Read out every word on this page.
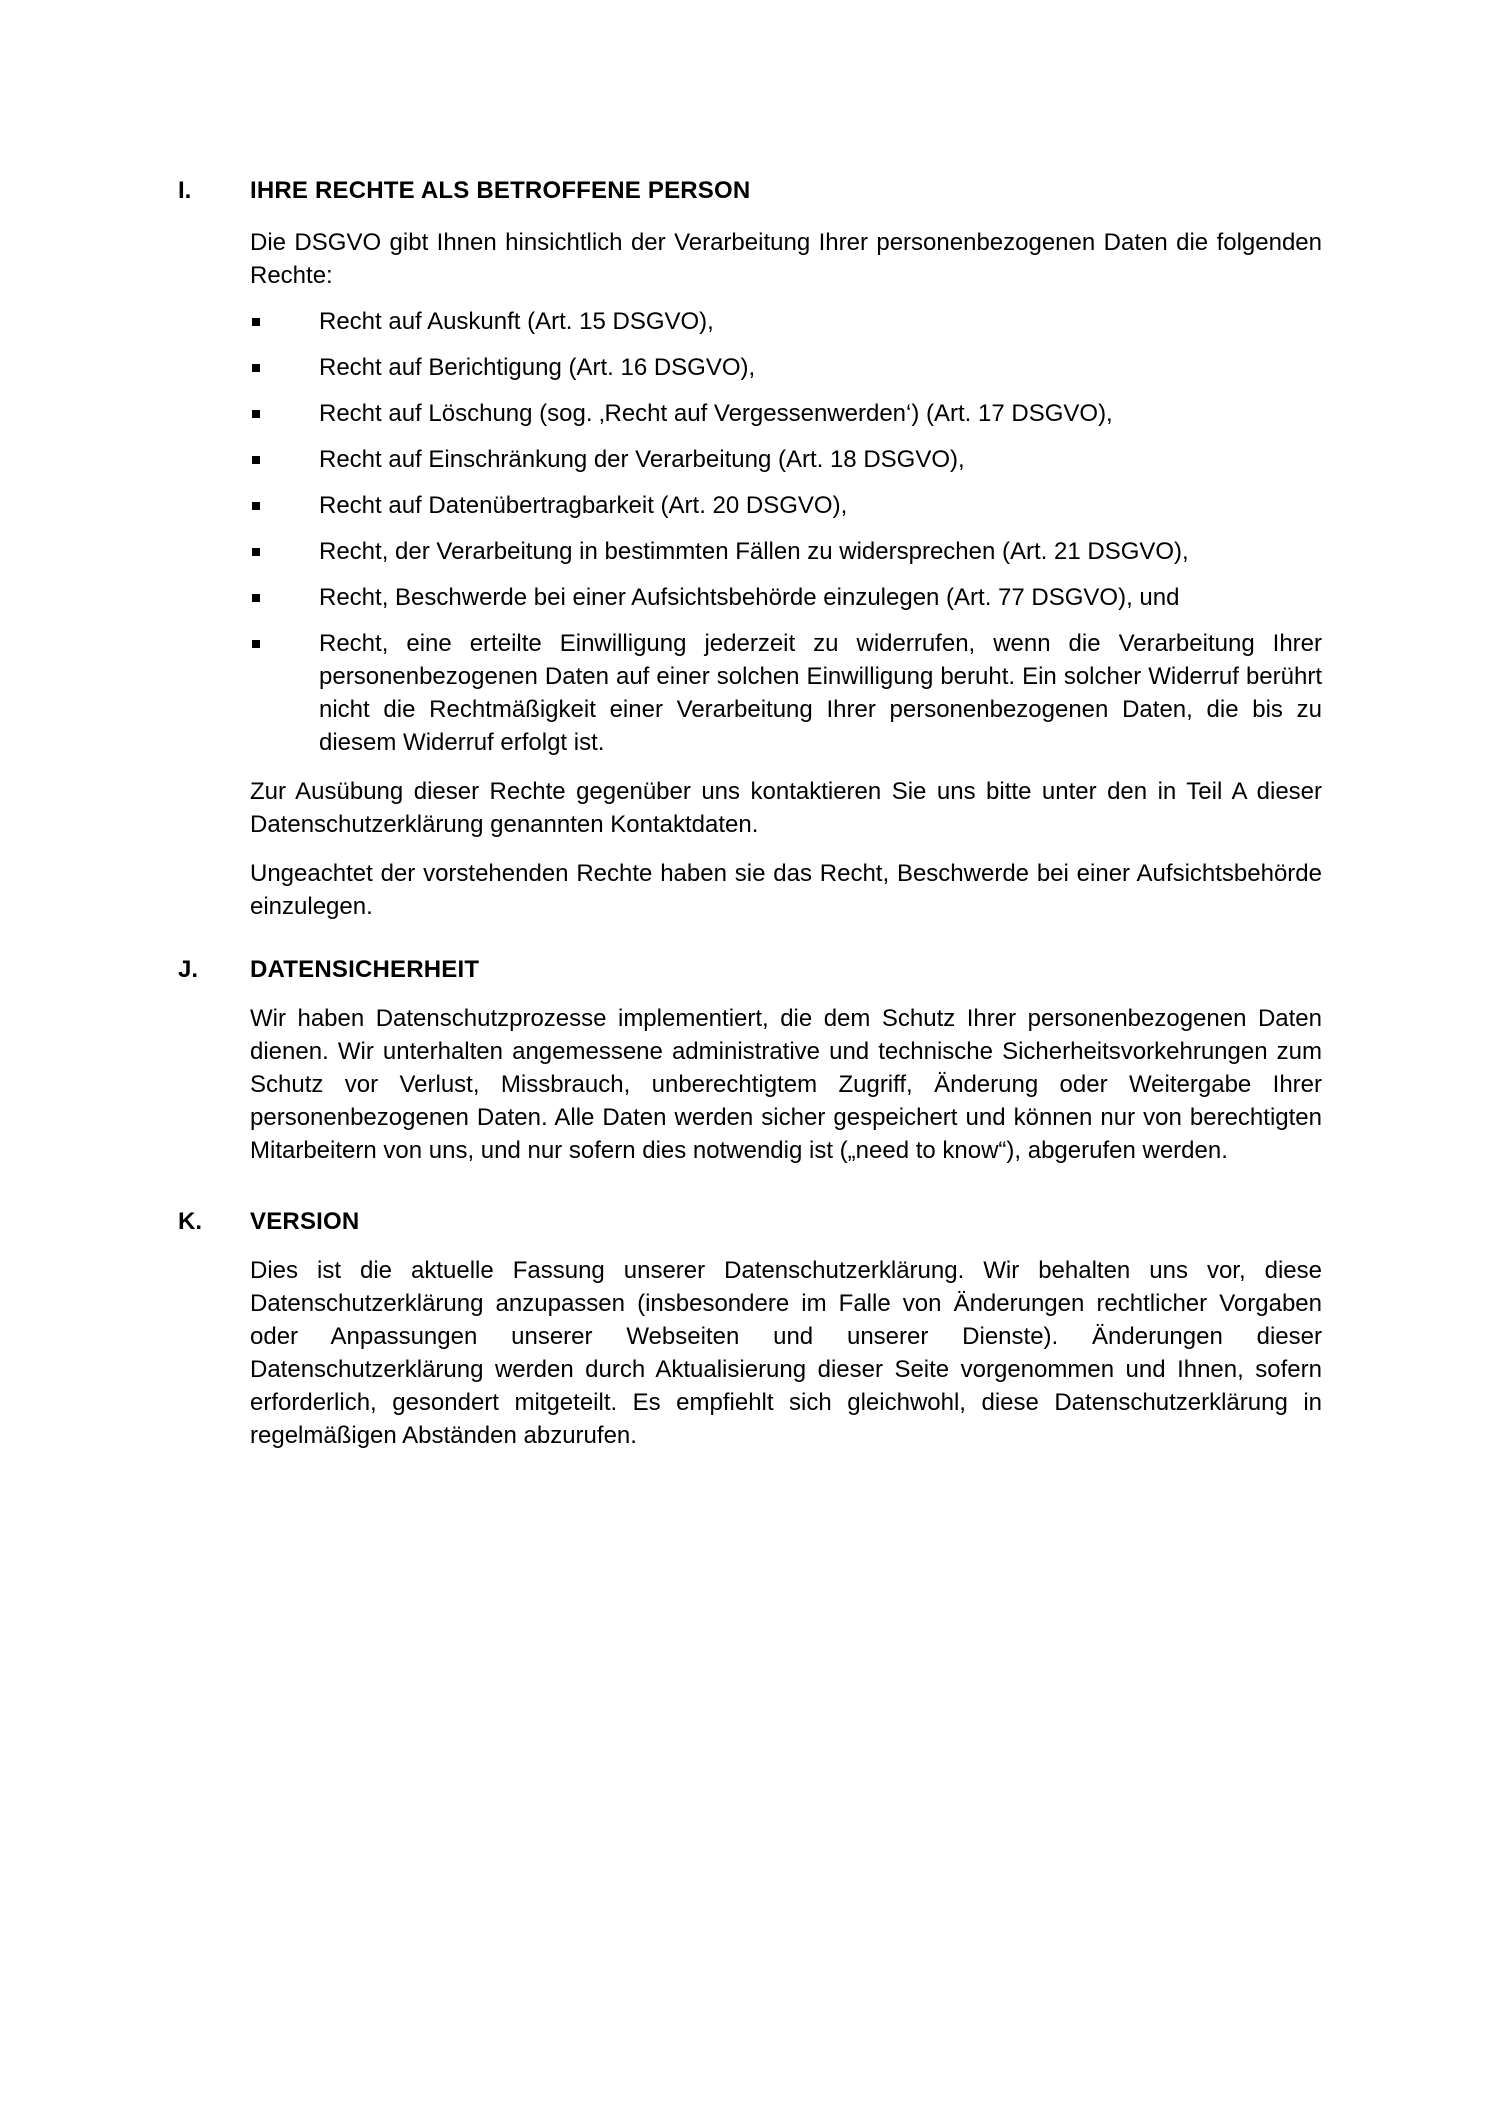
I. IHRE RECHTE ALS BETROFFENE PERSON

Die DSGVO gibt Ihnen hinsichtlich der Verarbeitung Ihrer personenbezogenen Daten die folgenden Rechte:

Recht auf Auskunft (Art. 15 DSGVO),
Recht auf Berichtigung (Art. 16 DSGVO),
Recht auf Löschung (sog. ‚Recht auf Vergessenwerden‘) (Art. 17 DSGVO),
Recht auf Einschränkung der Verarbeitung (Art. 18 DSGVO),
Recht auf Datenübertragbarkeit (Art. 20 DSGVO),
Recht, der Verarbeitung in bestimmten Fällen zu widersprechen (Art. 21 DSGVO),
Recht, Beschwerde bei einer Aufsichtsbehörde einzulegen (Art. 77 DSGVO), und
Recht, eine erteilte Einwilligung jederzeit zu widerrufen, wenn die Verarbeitung Ihrer personenbezogenen Daten auf einer solchen Einwilligung beruht. Ein solcher Widerruf berührt nicht die Rechtmäßigkeit einer Verarbeitung Ihrer personenbezogenen Daten, die bis zu diesem Widerruf erfolgt ist.

Zur Ausübung dieser Rechte gegenüber uns kontaktieren Sie uns bitte unter den in Teil A dieser Datenschutzerklärung genannten Kontaktdaten.

Ungeachtet der vorstehenden Rechte haben sie das Recht, Beschwerde bei einer Aufsichtsbehörde einzulegen.

J. DATENSICHERHEIT

Wir haben Datenschutzprozesse implementiert, die dem Schutz Ihrer personenbezogenen Daten dienen. Wir unterhalten angemessene administrative und technische Sicherheitsvorkehrungen zum Schutz vor Verlust, Missbrauch, unberechtigtem Zugriff, Änderung oder Weitergabe Ihrer personenbezogenen Daten. Alle Daten werden sicher gespeichert und können nur von berechtigten Mitarbeitern von uns, und nur sofern dies notwendig ist („need to know“), abgerufen werden.

K. VERSION

Dies ist die aktuelle Fassung unserer Datenschutzerklärung. Wir behalten uns vor, diese Datenschutzerklärung anzupassen (insbesondere im Falle von Änderungen rechtlicher Vorgaben oder Anpassungen unserer Webseiten und unserer Dienste). Änderungen dieser Datenschutzerklärung werden durch Aktualisierung dieser Seite vorgenommen und Ihnen, sofern erforderlich, gesondert mitgeteilt. Es empfiehlt sich gleichwohl, diese Datenschutzerklärung in regelmäßigen Abständen abzurufen.
